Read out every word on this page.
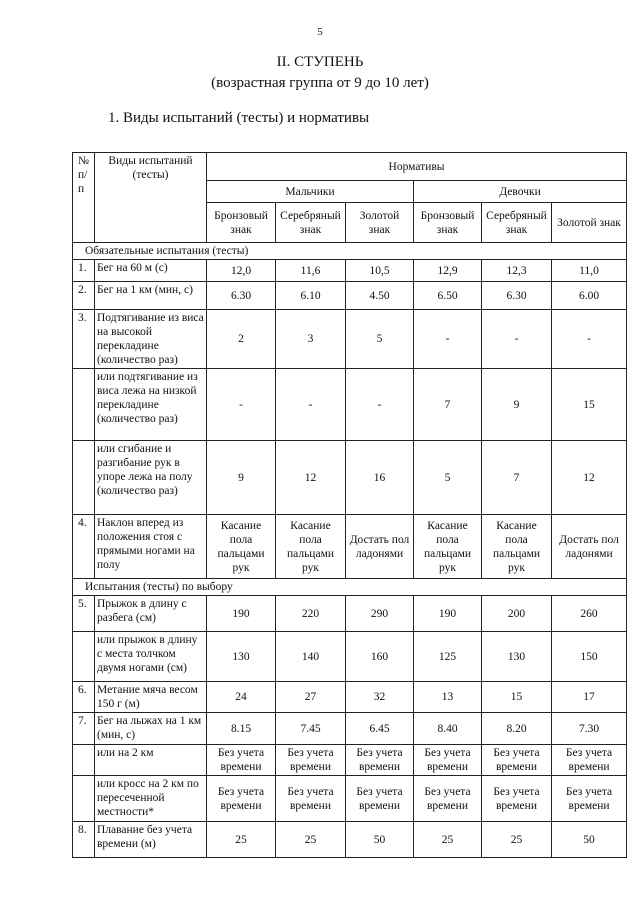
5
II. СТУПЕНЬ
(возрастная группа от 9 до 10 лет)
1. Виды испытаний (тесты) и нормативы
№ п/п	Виды испытаний (тесты)	Нормативы					
		Мальчики			Девочки		
		Бронзовый знак	Серебряный знак	Золотой знак	Бронзовый знак	Серебряный знак	Золотой знак
Обязательные испытания (тесты)							
1.	Бег на 60 м (с)	12,0	11,6	10,5	12,9	12,3	11,0
2.	Бег на 1 км (мин, с)	6.30	6.10	4.50	6.50	6.30	6.00
3.	Подтягивание из виса на высокой перекладине (количество раз)	2	3	5	-	-	-
	или подтягивание из виса лежа на низкой перекладине (количество раз)	-	-	-	7	9	15
	или сгибание и разгибание рук в упоре лежа на полу (количество раз)	9	12	16	5	7	12
4.	Наклон вперед из положения стоя с прямыми ногами на полу	Касание пола пальцами рук	Касание пола пальцами рук	Достать пол ладонями	Касание пола пальцами рук	Касание пола пальцами рук	Достать пол ладонями
Испытания (тесты) по выбору							
5.	Прыжок в длину с разбега (см)	190	220	290	190	200	260
	или прыжок в длину с места толчком двумя ногами (см)	130	140	160	125	130	150
6.	Метание мяча весом 150 г (м)	24	27	32	13	15	17
7.	Бег на лыжах на 1 км (мин, с)	8.15	7.45	6.45	8.40	8.20	7.30
	или на 2 км	Без учета времени	Без учета времени	Без учета времени	Без учета времени	Без учета времени	Без учета времени
	или кросс на 2 км по пересеченной местности*	Без учета времени	Без учета времени	Без учета времени	Без учета времени	Без учета времени	Без учета времени
8.	Плавание без учета времени (м)	25	25	50	25	25	50
